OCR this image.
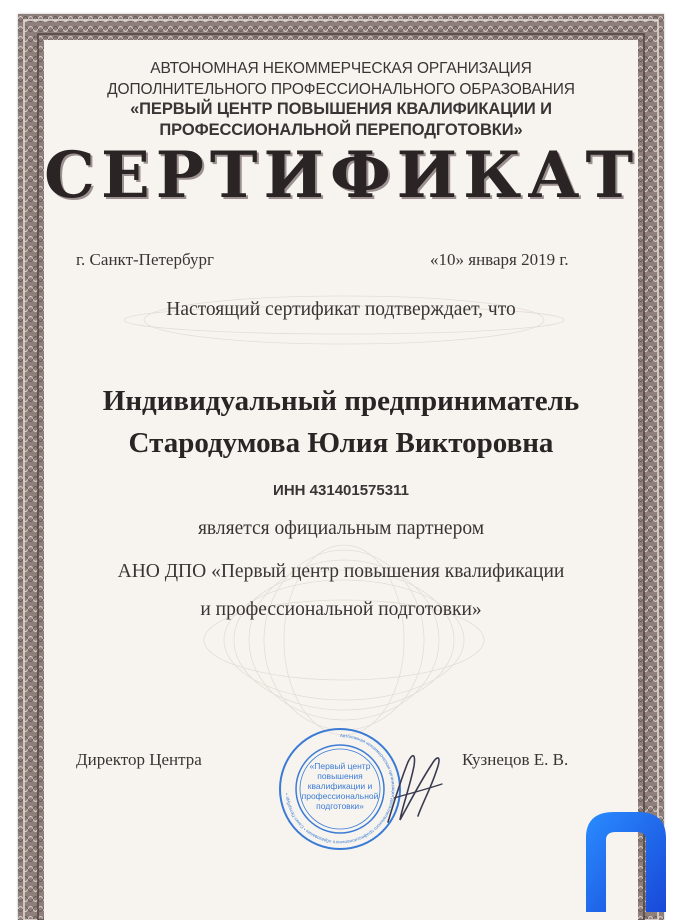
АВТОНОМНАЯ НЕКОММЕРЧЕСКАЯ ОРГАНИЗАЦИЯ
ДОПОЛНИТЕЛЬНОГО ПРОФЕССИОНАЛЬНОГО ОБРАЗОВАНИЯ
«ПЕРВЫЙ ЦЕНТР ПОВЫШЕНИЯ КВАЛИФИКАЦИИ И
ПРОФЕССИОНАЛЬНОЙ ПЕРЕПОДГОТОВКИ»
СЕРТИФИКАТ
г. Санкт-Петербург	«10» января 2019 г.
Настоящий сертификат подтверждает, что
Индивидуальный предприниматель
Стародумова Юлия Викторовна
ИНН 431401575311
является официальным партнером
АНО ДПО «Первый центр повышения квалификации
и профессиональной подготовки»
Директор Центра	Кузнецов Е. В.
«Первый центр
повышения
квалификации и
профессиональной
подготовки»
Автономная некоммерческая организация дополнительного профессионального образования • Санкт-Петербург •
